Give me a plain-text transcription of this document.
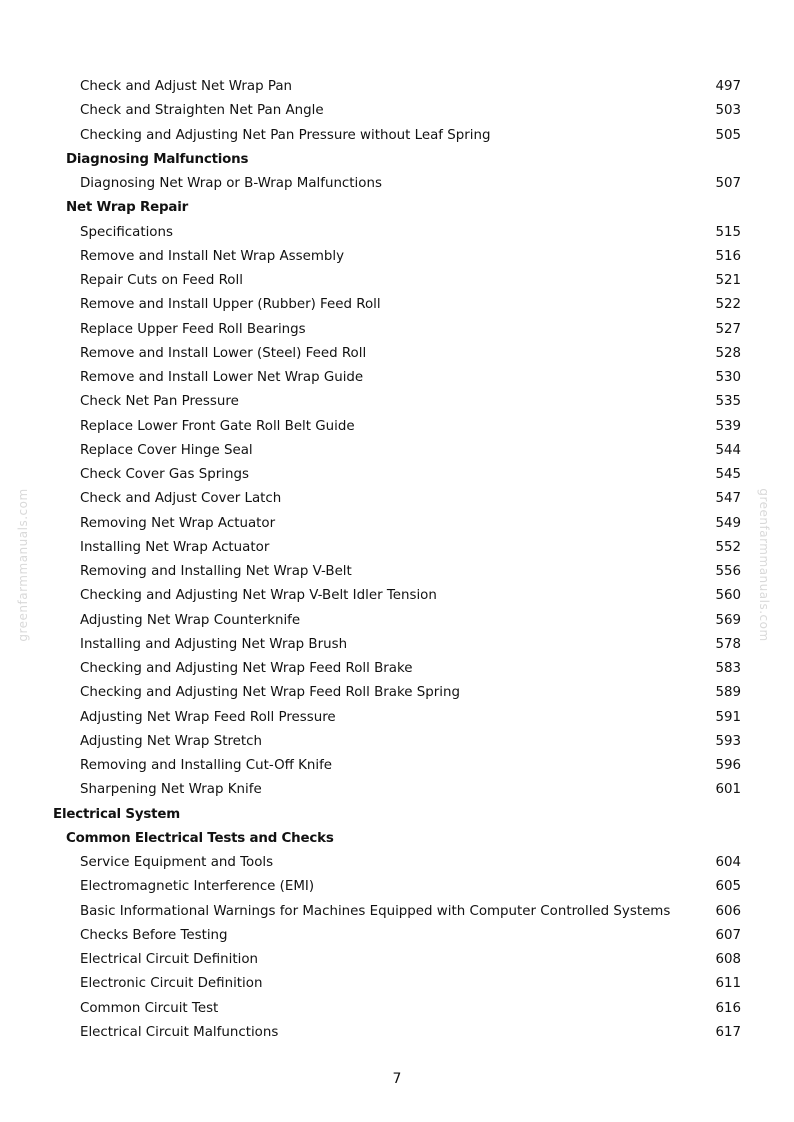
greenfarmmanuals.com	greenfarmmanuals.com
Check and Adjust Net Wrap Pan	497
Check and Straighten Net Pan Angle	503
Checking and Adjusting Net Pan Pressure without Leaf Spring	505
Diagnosing Malfunctions
Diagnosing Net Wrap or B-Wrap Malfunctions	507
Net Wrap Repair
Specifications	515
Remove and Install Net Wrap Assembly	516
Repair Cuts on Feed Roll	521
Remove and Install Upper (Rubber) Feed Roll	522
Replace Upper Feed Roll Bearings	527
Remove and Install Lower (Steel) Feed Roll	528
Remove and Install Lower Net Wrap Guide	530
Check Net Pan Pressure	535
Replace Lower Front Gate Roll Belt Guide	539
Replace Cover Hinge Seal	544
Check Cover Gas Springs	545
Check and Adjust Cover Latch	547
Removing Net Wrap Actuator	549
Installing Net Wrap Actuator	552
Removing and Installing Net Wrap V-Belt	556
Checking and Adjusting Net Wrap V-Belt Idler Tension	560
Adjusting Net Wrap Counterknife	569
Installing and Adjusting Net Wrap Brush	578
Checking and Adjusting Net Wrap Feed Roll Brake	583
Checking and Adjusting Net Wrap Feed Roll Brake Spring	589
Adjusting Net Wrap Feed Roll Pressure	591
Adjusting Net Wrap Stretch	593
Removing and Installing Cut-Off Knife	596
Sharpening Net Wrap Knife	601
Electrical System
Common Electrical Tests and Checks
Service Equipment and Tools	604
Electromagnetic Interference (EMI)	605
Basic Informational Warnings for Machines Equipped with Computer Controlled Systems	606
Checks Before Testing	607
Electrical Circuit Definition	608
Electronic Circuit Definition	611
Common Circuit Test	616
Electrical Circuit Malfunctions	617
7
